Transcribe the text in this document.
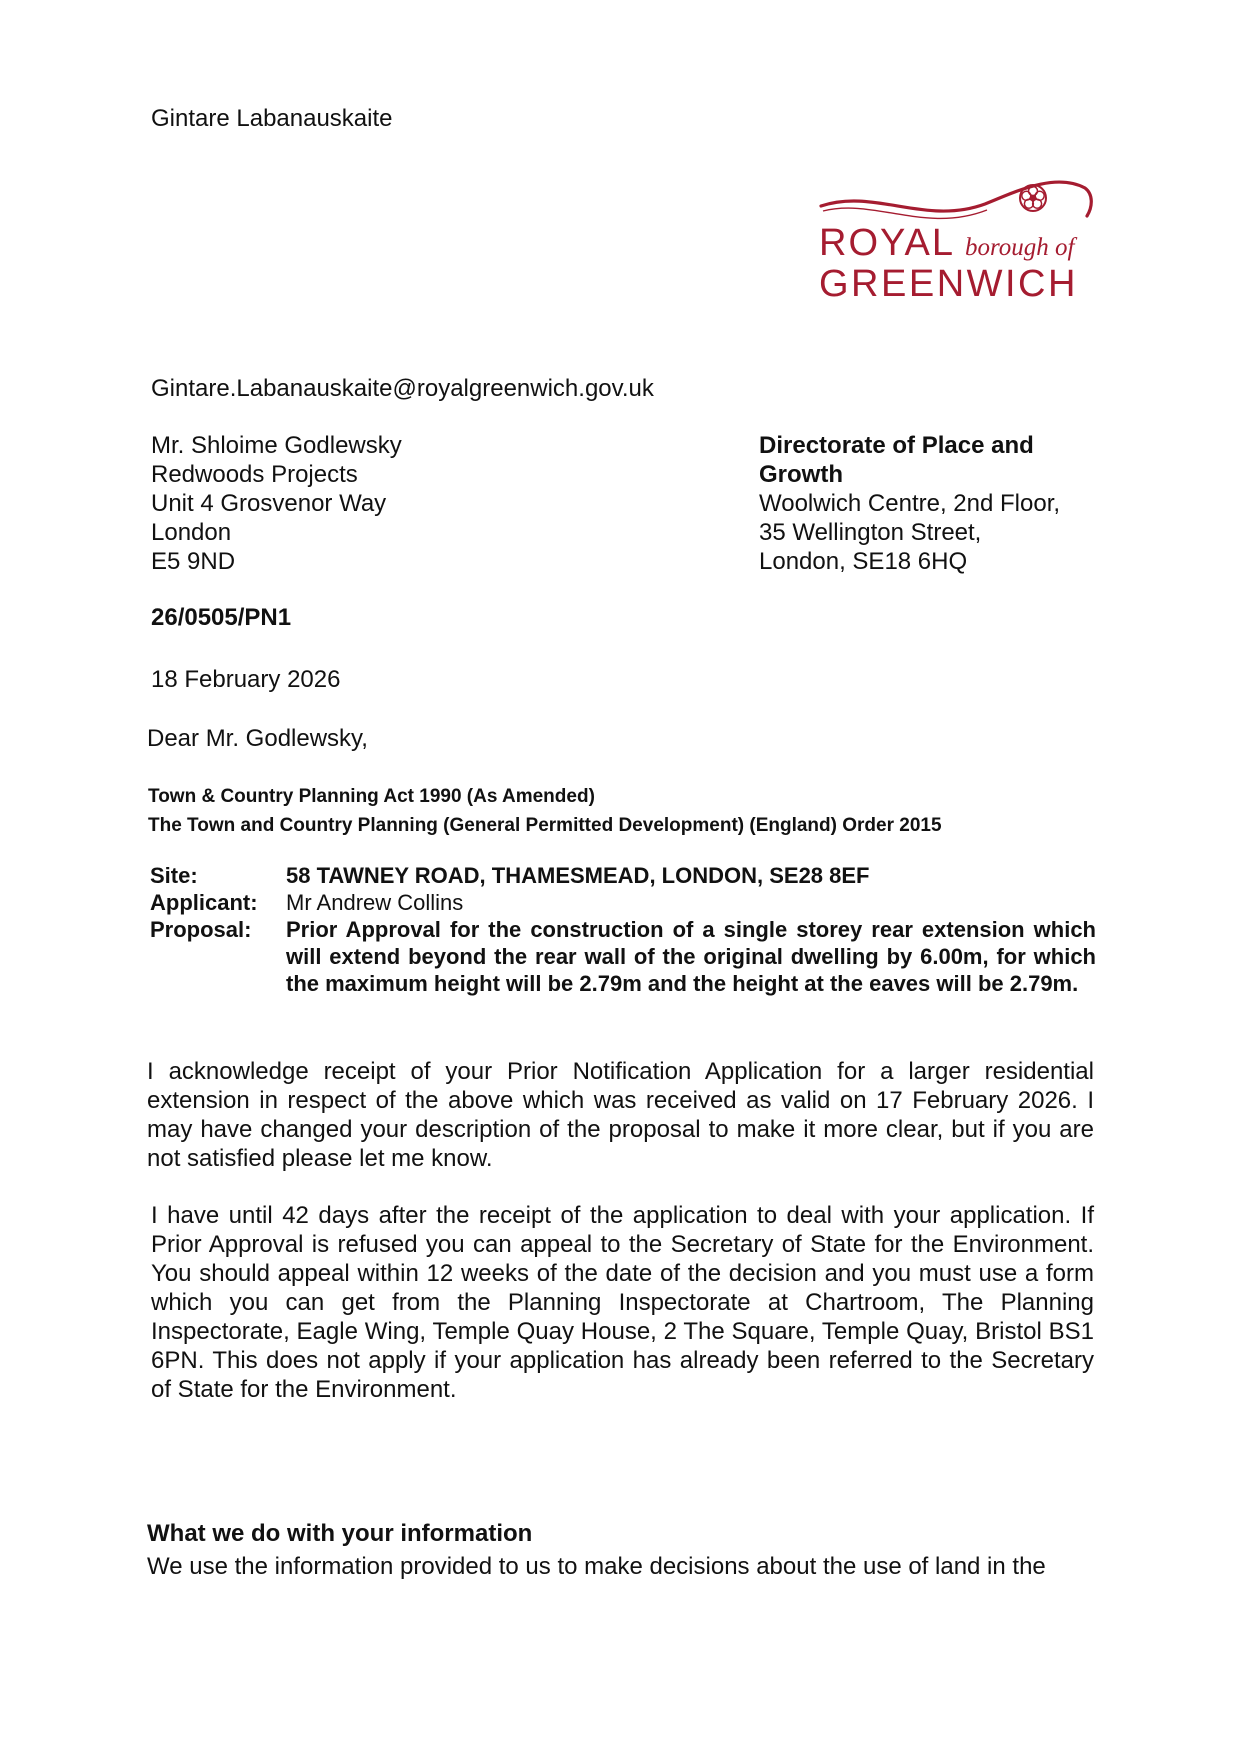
Gintare Labanauskaite
ROYAL borough of
GREENWICH
Gintare.Labanauskaite@royalgreenwich.gov.uk
Mr. Shloime Godlewsky
Redwoods Projects
Unit 4 Grosvenor Way
London
E5 9ND
Directorate of Place and
Growth
Woolwich Centre, 2nd Floor,
35 Wellington Street,
London, SE18 6HQ
26/0505/PN1
18 February 2026
Dear Mr. Godlewsky,
Town & Country Planning Act 1990 (As Amended)
The Town and Country Planning (General Permitted Development) (England) Order 2015
Site:	58 TAWNEY ROAD, THAMESMEAD, LONDON, SE28 8EF
Applicant:	Mr Andrew Collins
Proposal:	Prior Approval for the construction of a single storey rear extension which will extend beyond the rear wall of the original dwelling by 6.00m, for which the maximum height will be 2.79m and the height at the eaves will be 2.79m.
I acknowledge receipt of your Prior Notification Application for a larger residential extension in respect of the above which was received as valid on 17 February 2026. I may have changed your description of the proposal to make it more clear, but if you are not satisfied please let me know.
I have until 42 days after the receipt of the application to deal with your application. If Prior Approval is refused you can appeal to the Secretary of State for the Environment. You should appeal within 12 weeks of the date of the decision and you must use a form which you can get from the Planning Inspectorate at Chartroom, The Planning Inspectorate, Eagle Wing, Temple Quay House, 2 The Square, Temple Quay, Bristol BS1 6PN. This does not apply if your application has already been referred to the Secretary of State for the Environment.
What we do with your information
We use the information provided to us to make decisions about the use of land in the
